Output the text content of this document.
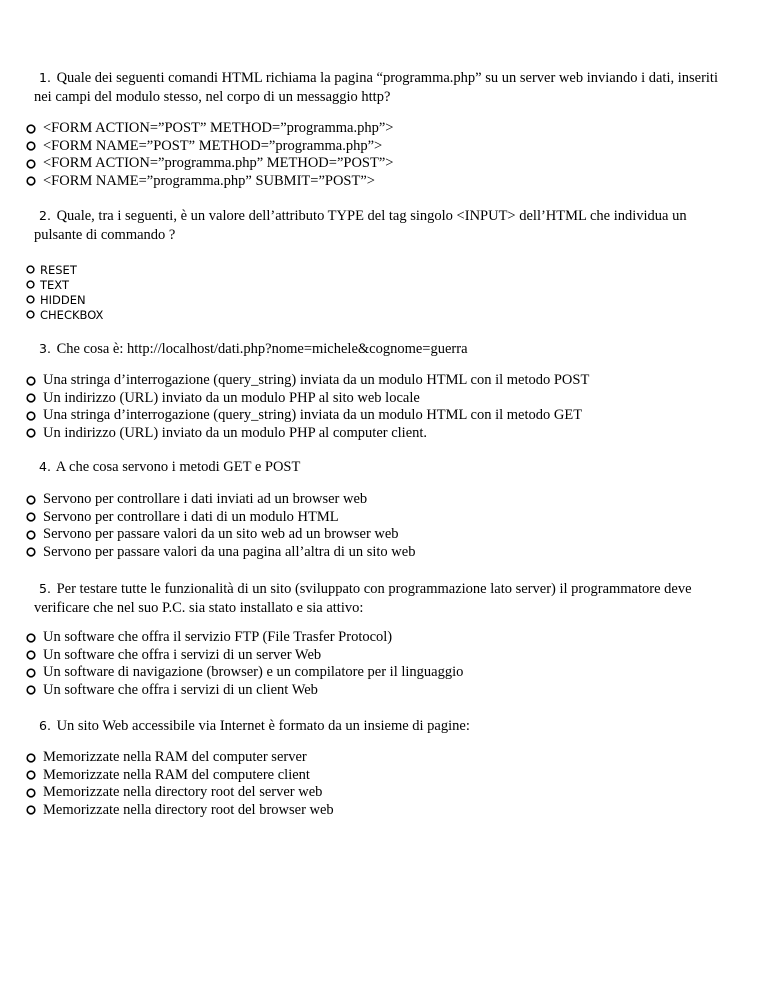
1. Quale dei seguenti comandi HTML richiama la pagina “programma.php” su un server web inviando i dati, inseriti nei campi del modulo stesso, nel corpo di un messaggio http?

<FORM ACTION=”POST” METHOD=”programma.php”>
<FORM NAME=”POST” METHOD=”programma.php”>
<FORM ACTION=”programma.php” METHOD=”POST”>
<FORM NAME=”programma.php” SUBMIT=”POST”>

2. Quale, tra i seguenti, è un valore dell’attributo TYPE del tag singolo <INPUT> dell’HTML che individua un pulsante di commando ?

RESET
TEXT
HIDDEN
CHECKBOX

3. Che cosa è: http://localhost/dati.php?nome=michele&cognome=guerra

Una stringa d’interrogazione (query_string) inviata da un modulo HTML con il metodo POST
Un indirizzo (URL) inviato da un modulo PHP al sito web locale
Una stringa d’interrogazione (query_string) inviata da un modulo HTML con il metodo GET
Un indirizzo (URL) inviato da un modulo PHP al computer client.

4. A che cosa servono i metodi GET e POST

Servono per controllare i dati inviati ad un browser web
Servono per controllare i dati di un modulo HTML
Servono per passare valori da un sito web ad un browser web
Servono per passare valori da una pagina all’altra di un sito web

5. Per testare tutte le funzionalità di un sito (sviluppato con programmazione lato server) il programmatore deve verificare che nel suo P.C. sia stato installato e sia attivo:

Un software che offra il servizio FTP (File Trasfer Protocol)
Un software che offra i servizi di un server Web
Un software di navigazione (browser) e un compilatore per il linguaggio
Un software che offra i servizi di un client Web

6. Un sito Web accessibile via Internet è formato da un insieme di pagine:

Memorizzate nella RAM del computer server
Memorizzate nella RAM del computere client
Memorizzate nella directory root del server web
Memorizzate nella directory root del browser web
